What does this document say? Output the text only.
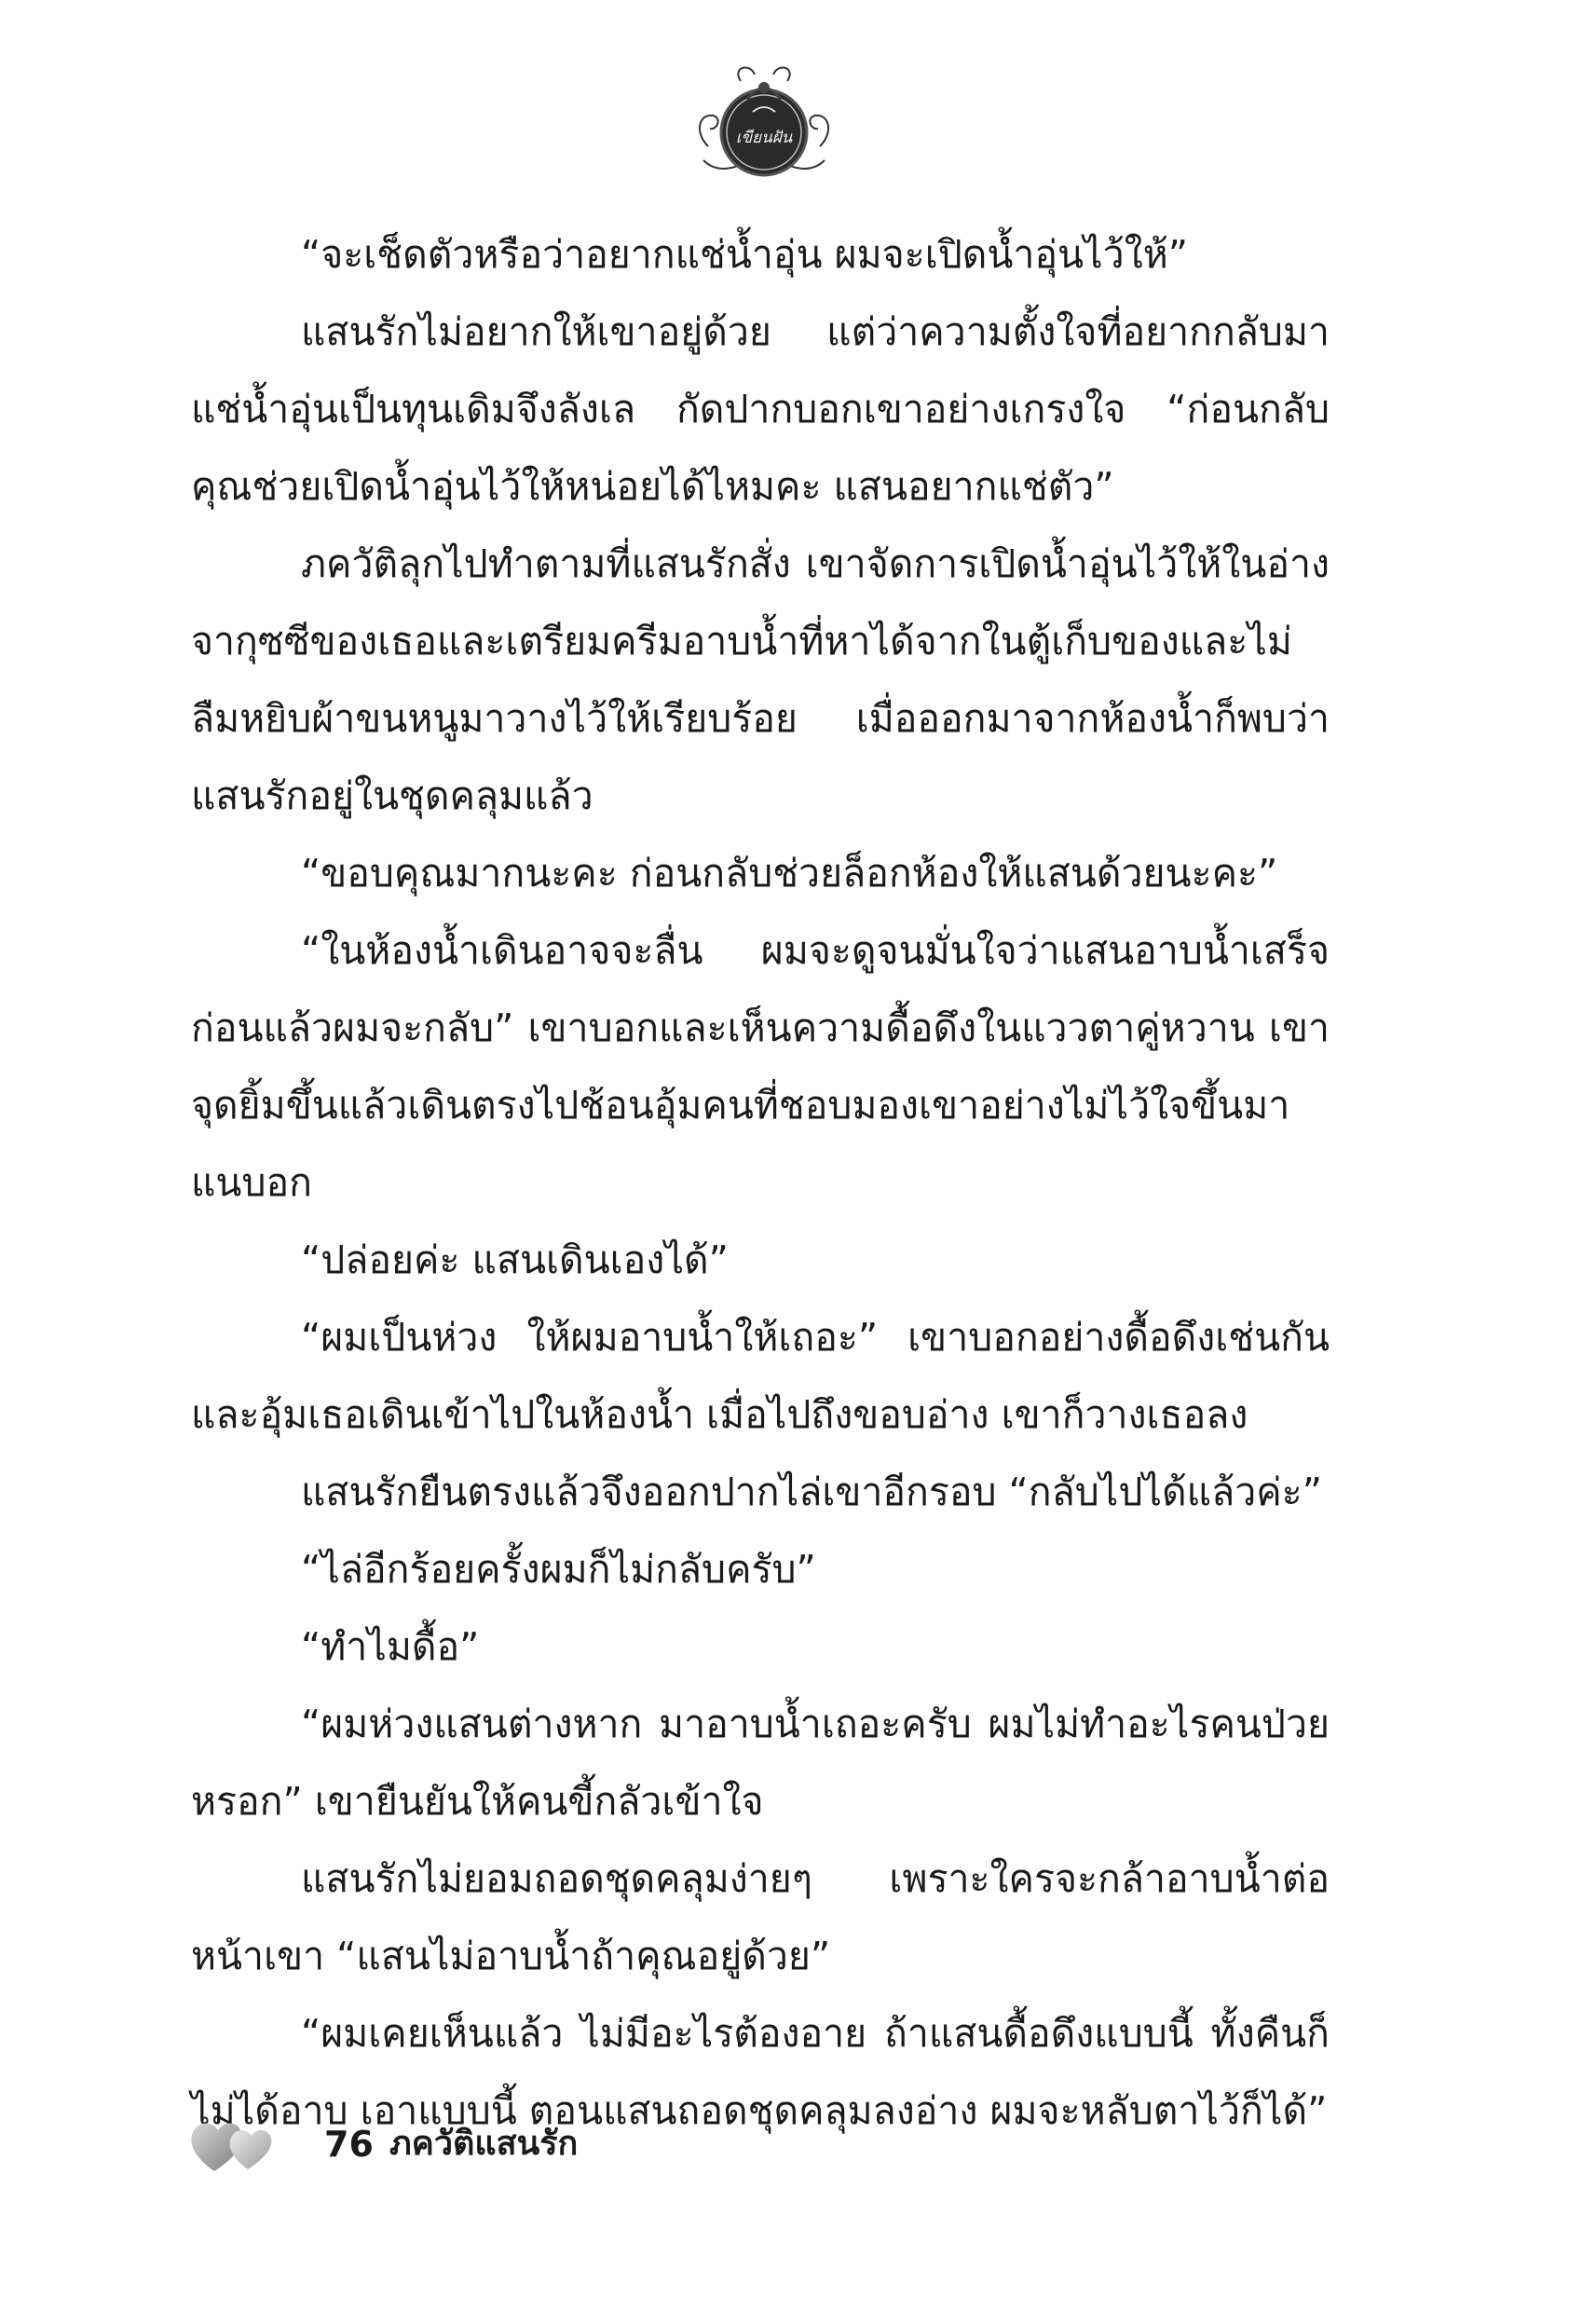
เขียนฝัน

“จะเช็ดตัวหรือว่าอยากแช่น้ำอุ่น ผมจะเปิดน้ำอุ่นไว้ให้”

แสนรักไม่อยากให้เขาอยู่ด้วย แต่ว่าความตั้งใจที่อยากกลับมาแช่น้ำอุ่นเป็นทุนเดิมจึงลังเล กัดปากบอกเขาอย่างเกรงใจ “ก่อนกลับคุณช่วยเปิดน้ำอุ่นไว้ให้หน่อยได้ไหมคะ แสนอยากแช่ตัว”

ภควัติลุกไปทำตามที่แสนรักสั่ง เขาจัดการเปิดน้ำอุ่นไว้ให้ในอ่างจากุซซีของเธอและเตรียมครีมอาบน้ำที่หาได้จากในตู้เก็บของและไม่ลืมหยิบผ้าขนหนูมาวางไว้ให้เรียบร้อย เมื่อออกมาจากห้องน้ำก็พบว่าแสนรักอยู่ในชุดคลุมแล้ว

“ขอบคุณมากนะคะ ก่อนกลับช่วยล็อกห้องให้แสนด้วยนะคะ”

“ในห้องน้ำเดินอาจจะลื่น ผมจะดูจนมั่นใจว่าแสนอาบน้ำเสร็จก่อนแล้วผมจะกลับ” เขาบอกและเห็นความดื้อดึงในแววตาคู่หวาน เขาจุดยิ้มขึ้นแล้วเดินตรงไปช้อนอุ้มคนที่ชอบมองเขาอย่างไม่ไว้ใจขึ้นมาแนบอก

“ปล่อยค่ะ แสนเดินเองได้”

“ผมเป็นห่วง ให้ผมอาบน้ำให้เถอะ” เขาบอกอย่างดื้อดึงเช่นกันและอุ้มเธอเดินเข้าไปในห้องน้ำ เมื่อไปถึงขอบอ่าง เขาก็วางเธอลง

แสนรักยืนตรงแล้วจึงออกปากไล่เขาอีกรอบ “กลับไปได้แล้วค่ะ”

“ไล่อีกร้อยครั้งผมก็ไม่กลับครับ”

“ทำไมดื้อ”

“ผมห่วงแสนต่างหาก มาอาบน้ำเถอะครับ ผมไม่ทำอะไรคนป่วยหรอก” เขายืนยันให้คนขี้กลัวเข้าใจ

แสนรักไม่ยอมถอดชุดคลุมง่ายๆ เพราะใครจะกล้าอาบน้ำต่อหน้าเขา “แสนไม่อาบน้ำถ้าคุณอยู่ด้วย”

“ผมเคยเห็นแล้ว ไม่มีอะไรต้องอาย ถ้าแสนดื้อดึงแบบนี้ ทั้งคืนก็ไม่ได้อาบ เอาแบบนี้ ตอนแสนถอดชุดคลุมลงอ่าง ผมจะหลับตาไว้ก็ได้”

76 ภควัติแสนรัก
